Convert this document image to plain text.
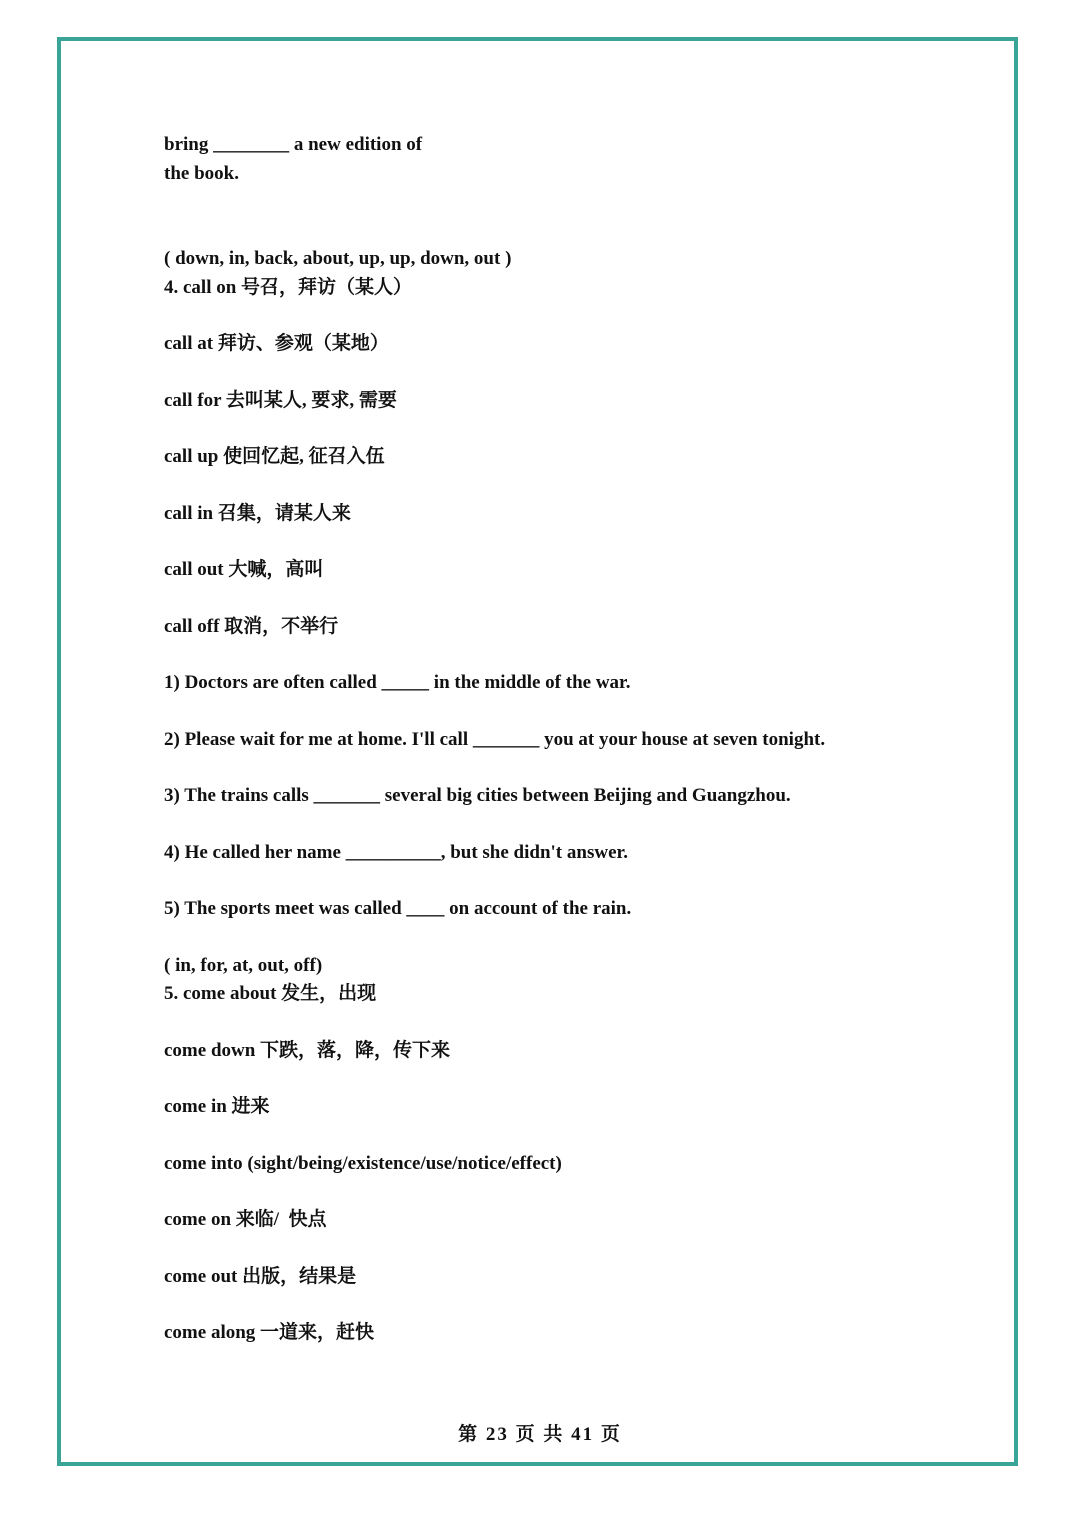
bring ________ a new edition of
the book.
( down, in, back, about, up, up, down, out )
4. call on 号召，拜访（某人）
call at 拜访、参观（某地）
call for 去叫某人, 要求, 需要
call up 使回忆起, 征召入伍
call in 召集，请某人来
call out 大喊，高叫
call off 取消，不举行
1) Doctors are often called _____ in the middle of the war.
2) Please wait for me at home. I'll call _______ you at your house at seven tonight.
3) The trains calls _______ several big cities between Beijing and Guangzhou.
4) He called her name __________, but she didn't answer.
5) The sports meet was called ____ on account of the rain.
( in, for, at, out, off)
5. come about 发生，出现
come down 下跌，落，降，传下来
come in 进来
come into (sight/being/existence/use/notice/effect)
come on 来临/  快点
come out 出版，结果是
come along 一道来，赶快
第 23 页 共 41 页
